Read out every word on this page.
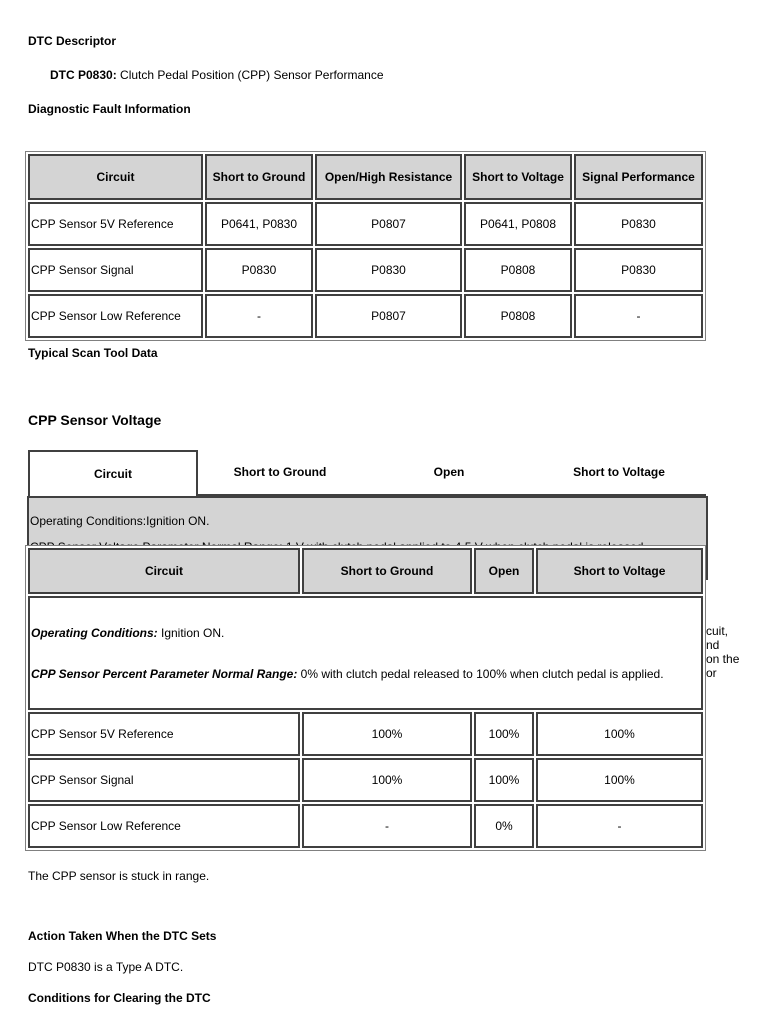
DTC Descriptor
DTC P0830: Clutch Pedal Position (CPP) Sensor Performance
Diagnostic Fault Information
Circuit	Short to Ground	Open/High Resistance	Short to Voltage	Signal Performance
CPP Sensor 5V Reference	P0641, P0830	P0807	P0641, P0808	P0830
CPP Sensor Signal	P0830	P0830	P0808	P0830
CPP Sensor Low Reference	-	P0807	P0808	-
Typical Scan Tool Data
CPP Sensor Voltage
Circuit	Short to Ground	Open	Short to Voltage
Operating Conditions:Ignition ON.
cuit,
nd
on the
or
Circuit	Short to Ground	Open	Short to Voltage

Operating Conditions: Ignition ON.
CPP Sensor Percent Parameter Normal Range: 0% with clutch pedal released to 100% when clutch pedal is applied.			

CPP Sensor 5V Reference	100%	100%	100%
CPP Sensor Signal	100%	100%	100%
CPP Sensor Low Reference	-	0%	-
The CPP sensor is stuck in range.
Action Taken When the DTC Sets
DTC P0830 is a Type A DTC.
Conditions for Clearing the DTC
